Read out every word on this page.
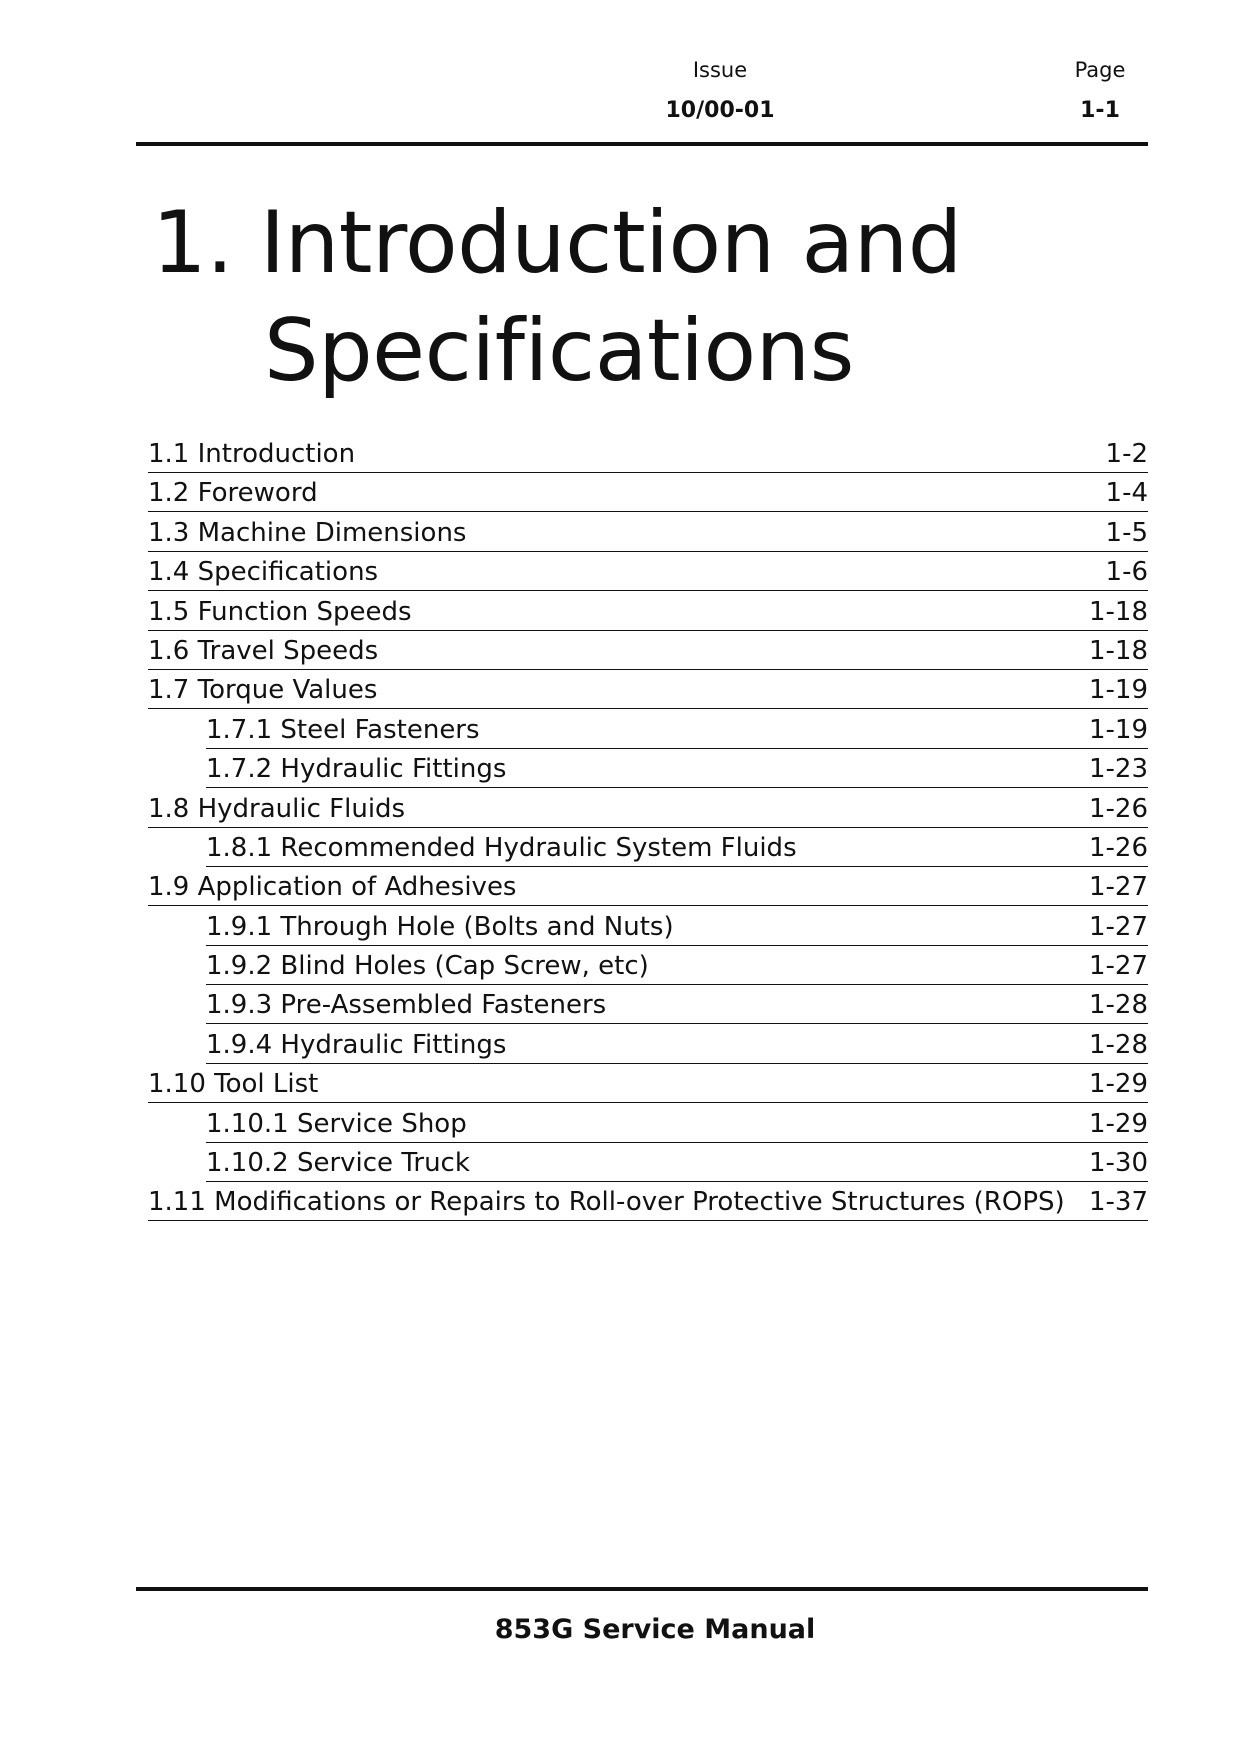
Issue
10/00-01
Page
1-1
1. Introduction and
Specifications
1.1 Introduction	1-2
1.2 Foreword	1-4
1.3 Machine Dimensions	1-5
1.4 Specifications	1-6
1.5 Function Speeds	1-18
1.6 Travel Speeds	1-18
1.7 Torque Values	1-19
1.7.1 Steel Fasteners	1-19
1.7.2 Hydraulic Fittings	1-23
1.8 Hydraulic Fluids	1-26
1.8.1 Recommended Hydraulic System Fluids	1-26
1.9 Application of Adhesives	1-27
1.9.1 Through Hole (Bolts and Nuts)	1-27
1.9.2 Blind Holes (Cap Screw, etc)	1-27
1.9.3 Pre-Assembled Fasteners	1-28
1.9.4 Hydraulic Fittings	1-28
1.10 Tool List	1-29
1.10.1 Service Shop	1-29
1.10.2 Service Truck	1-30
1.11 Modifications or Repairs to Roll-over Protective Structures (ROPS) 1-37
853G Service Manual
